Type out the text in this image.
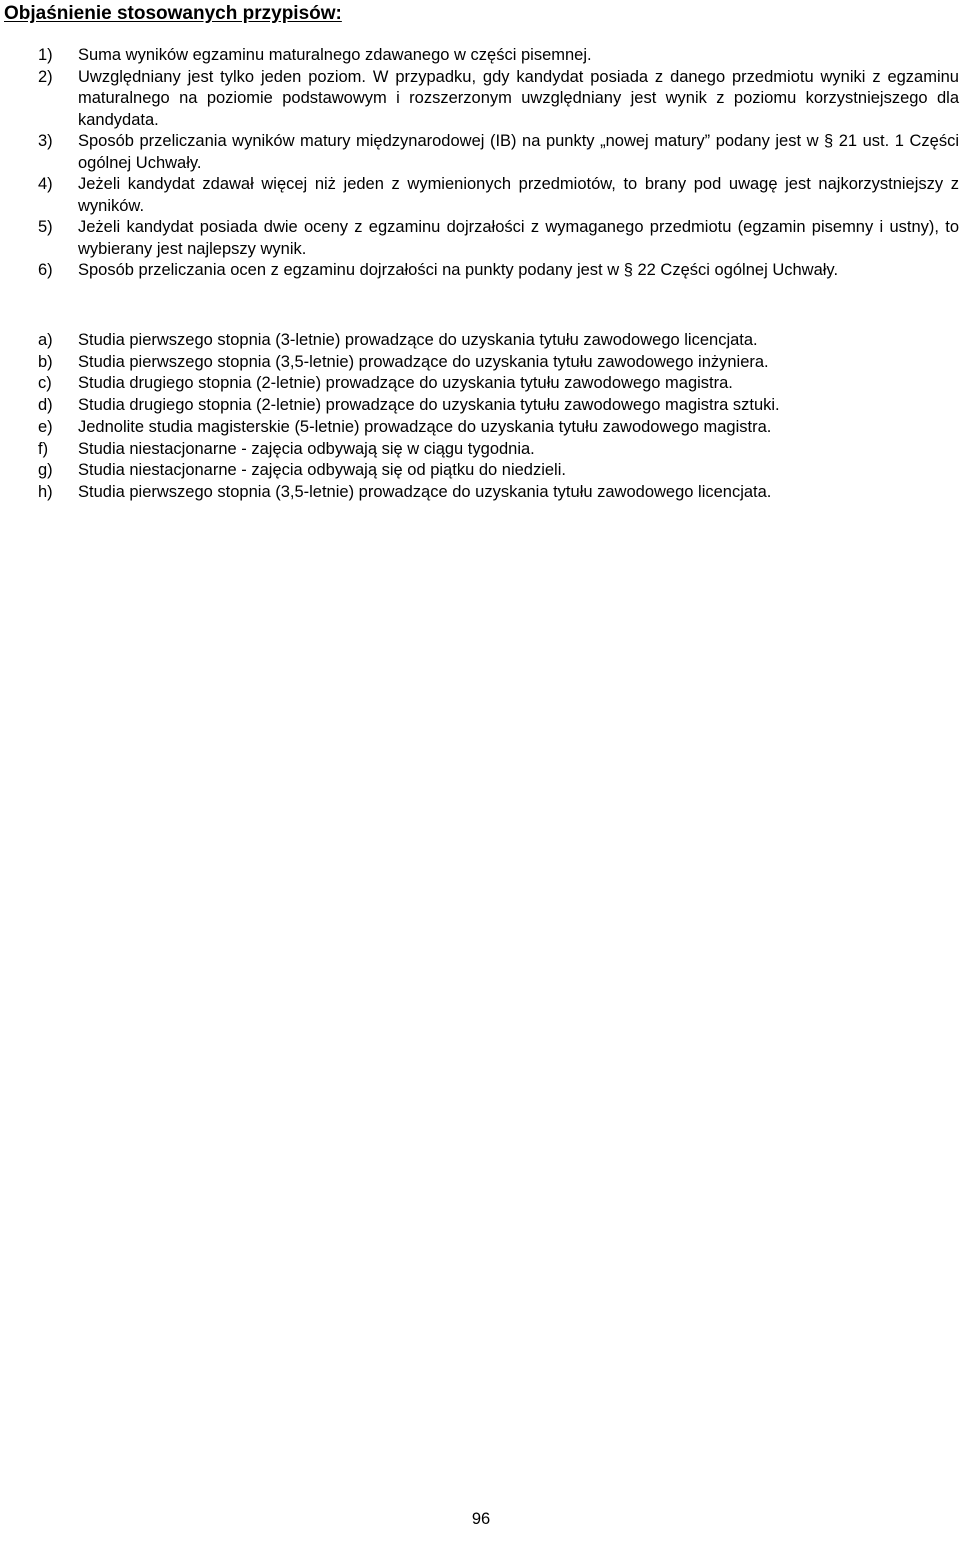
Objaśnienie stosowanych przypisów:
1)	Suma wyników egzaminu maturalnego zdawanego w części pisemnej.
2)	Uwzględniany jest tylko jeden poziom. W przypadku, gdy kandydat posiada z danego przedmiotu wyniki z egzaminu maturalnego na poziomie podstawowym i rozszerzonym uwzględniany jest wynik z poziomu korzystniejszego dla kandydata.
3)	Sposób przeliczania wyników matury międzynarodowej (IB) na punkty „nowej matury” podany jest w § 21 ust. 1 Części ogólnej Uchwały.
4)	Jeżeli kandydat zdawał więcej niż jeden z wymienionych przedmiotów, to brany pod uwagę jest najkorzystniejszy z wyników.
5)	Jeżeli kandydat posiada dwie oceny z egzaminu dojrzałości z wymaganego przedmiotu (egzamin pisemny i ustny), to wybierany jest najlepszy wynik.
6)	Sposób przeliczania ocen z egzaminu dojrzałości na punkty podany jest w § 22 Części ogólnej Uchwały.
a)	Studia pierwszego stopnia (3-letnie) prowadzące do uzyskania tytułu zawodowego licencjata.
b)	Studia pierwszego stopnia (3,5-letnie) prowadzące do uzyskania tytułu zawodowego inżyniera.
c)	Studia drugiego stopnia (2-letnie) prowadzące do uzyskania tytułu zawodowego magistra.
d)	Studia drugiego stopnia (2-letnie) prowadzące do uzyskania tytułu zawodowego magistra sztuki.
e)	Jednolite studia magisterskie (5-letnie) prowadzące do uzyskania tytułu zawodowego magistra.
f)	Studia niestacjonarne - zajęcia odbywają się w ciągu tygodnia.
g)	Studia niestacjonarne - zajęcia odbywają się od piątku do niedzieli.
h)	Studia pierwszego stopnia (3,5-letnie) prowadzące do uzyskania tytułu zawodowego licencjata.
96
